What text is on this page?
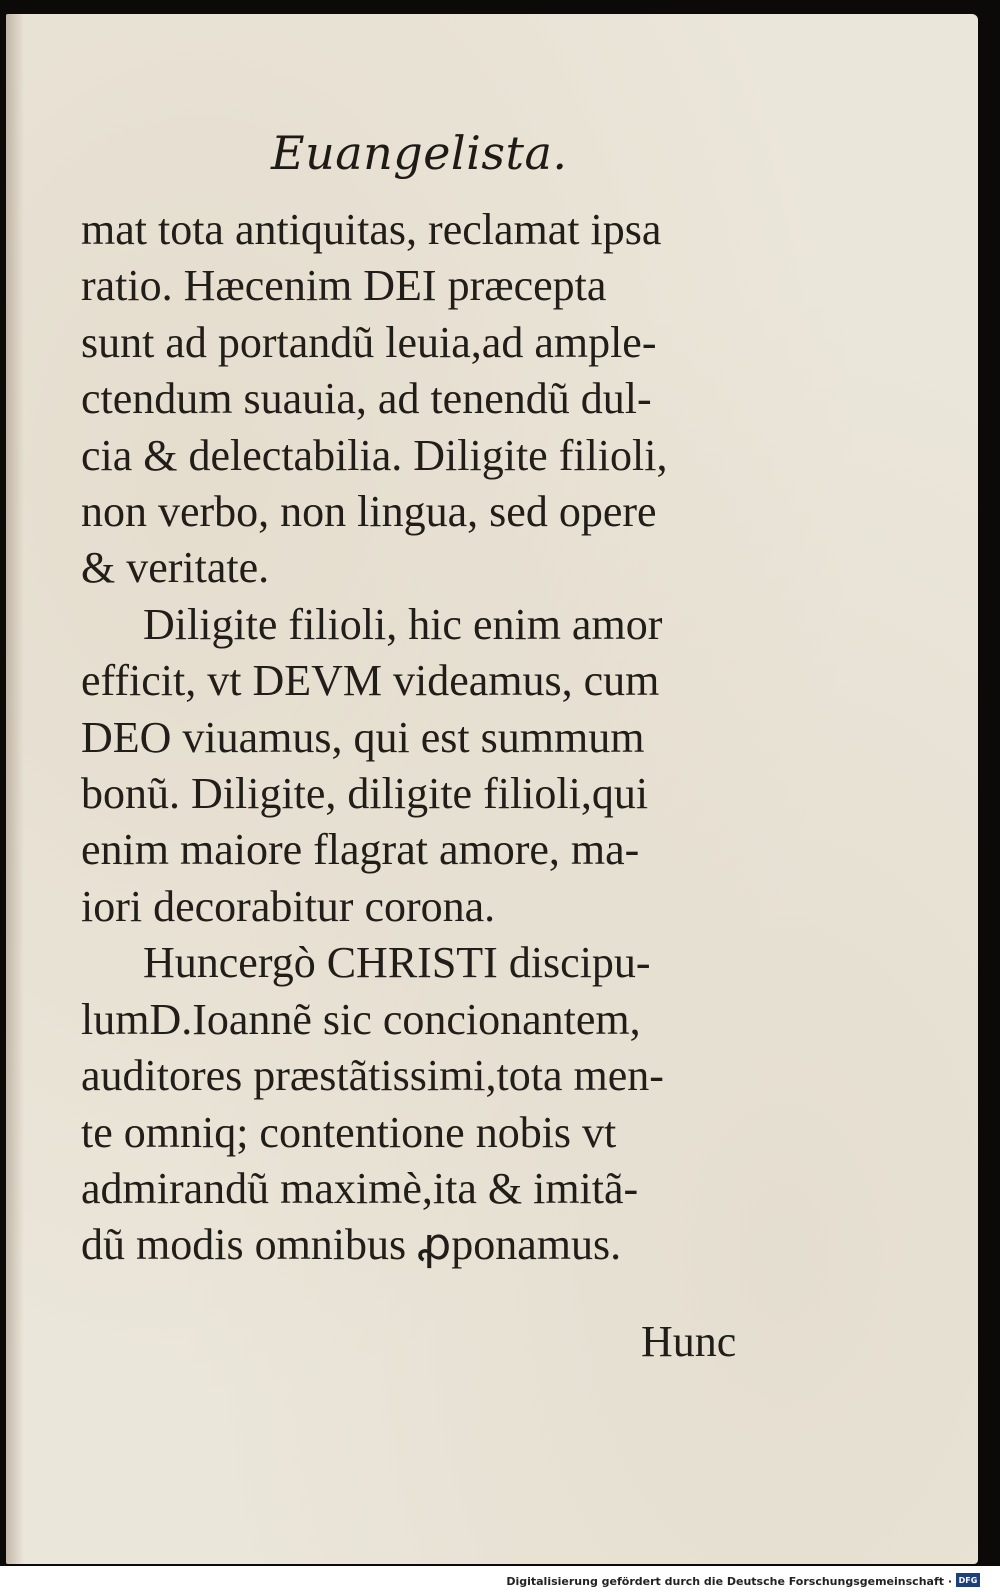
Euangelista.
mat tota antiquitas, reclamat ipsa
ratio. Hæcenim DEI præcepta
sunt ad portandũ leuia,ad ample-
ctendum suauia, ad tenendũ dul-
cia & delectabilia. Diligite filioli,
non verbo, non lingua, sed opere
& veritate.
Diligite filioli, hic enim amor
efficit, vt DEVM videamus, cum
DEO viuamus, qui est summum
bonũ. Diligite, diligite filioli,qui
enim maiore flagrat amore, ma-
iori decorabitur corona.
Huncergò CHRISTI discipu-
lumD.Ioannẽ sic concionantem,
auditores præstãtissimi,tota men-
te omniq; contentione nobis vt
admirandũ maximè,ita & imitã-
dũ modis omnibus ꝓponamus.
Hunc
Digitalisierung gefördert durch die Deutsche Forschungsgemeinschaft · DFG
